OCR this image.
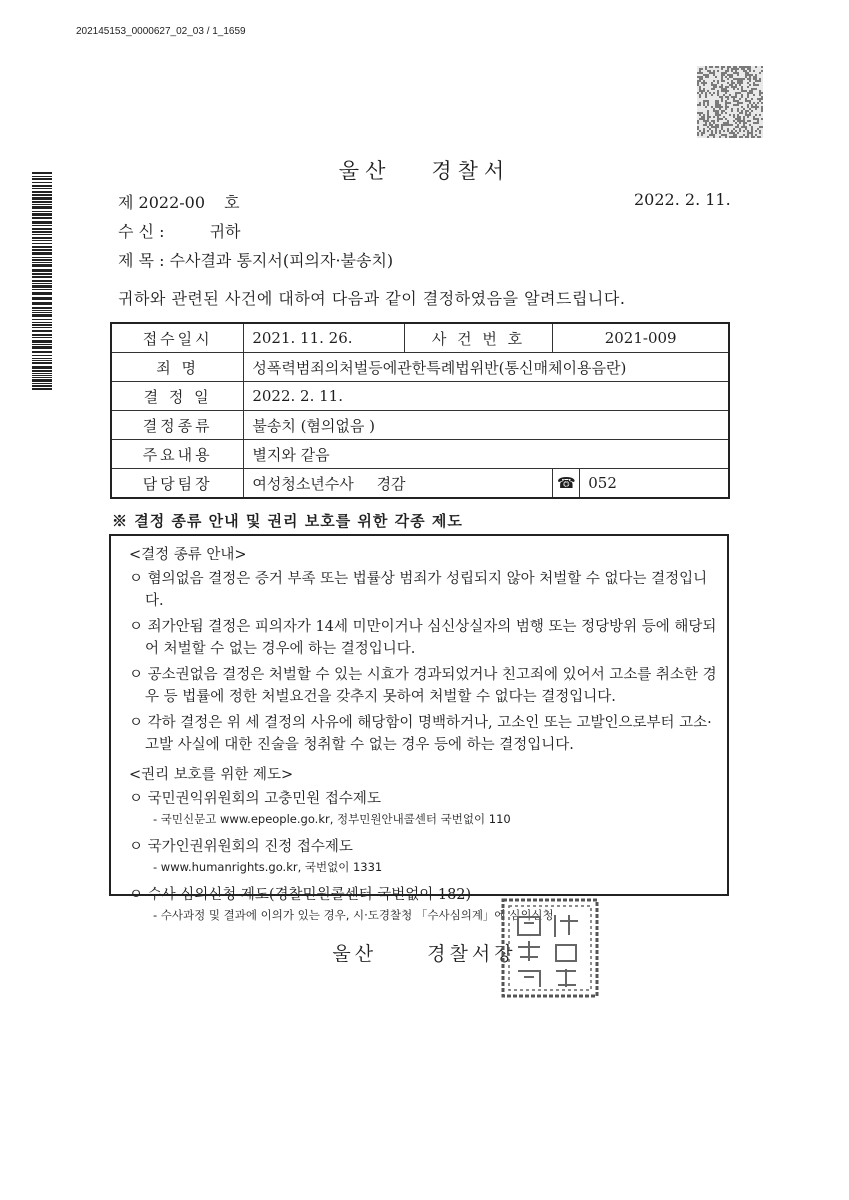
202145153_0000627_02_03 / 1_1659
울산 경찰서
제 2022-00 호	2022. 2. 11.
수 신 :	귀하
제 목 : 수사결과 통지서(피의자·불송치)
귀하와 관련된 사건에 대하여 다음과 같이 결정하였음을 알려드립니다.
접수일시	2021. 11. 26.	사 건 번 호	2021-009	
죄 명	성폭력범죄의처벌등에관한특례법위반(통신매체이용음란)			
결 정 일	2022. 2. 11.			
결정종류	불송치 (혐의없음 )			
주요내용	별지와 같음			
담당팀장	여성청소년수사 경감		☎	052
※ 결정 종류 안내 및 권리 보호를 위한 각종 제도
<결정 종류 안내>
ㅇ 혐의없음 결정은 증거 부족 또는 법률상 범죄가 성립되지 않아 처벌할 수 없다는 결정입니다.
ㅇ 죄가안됨 결정은 피의자가 14세 미만이거나 심신상실자의 범행 또는 정당방위 등에 해당되어 처벌할 수 없는 경우에 하는 결정입니다.
ㅇ 공소권없음 결정은 처벌할 수 있는 시효가 경과되었거나 친고죄에 있어서 고소를 취소한 경우 등 법률에 정한 처벌요건을 갖추지 못하여 처벌할 수 없다는 결정입니다.
ㅇ 각하 결정은 위 세 결정의 사유에 해당함이 명백하거나, 고소인 또는 고발인으로부터 고소·고발 사실에 대한 진술을 청취할 수 없는 경우 등에 하는 결정입니다.
<권리 보호를 위한 제도>
ㅇ 국민권익위원회의 고충민원 접수제도
- 국민신문고 www.epeople.go.kr, 정부민원안내콜센터 국번없이 110
ㅇ 국가인권위원회의 진정 접수제도
- www.humanrights.go.kr, 국번없이 1331
ㅇ 수사 심의신청 제도(경찰민원콜센터 국번없이 182)
- 수사과정 및 결과에 이의가 있는 경우, 시·도경찰청 「수사심의계」에 심의신청
울산	경찰서장
